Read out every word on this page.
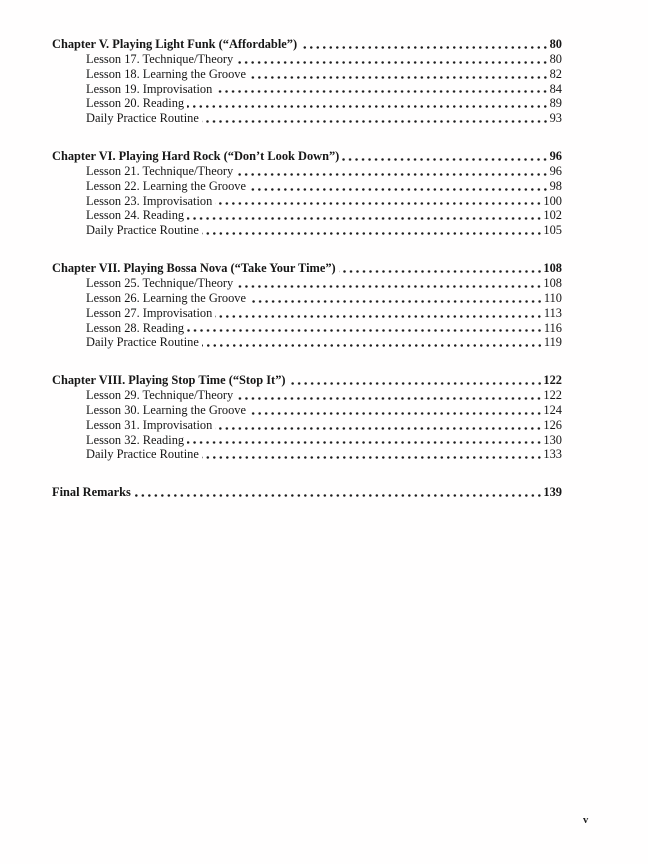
Chapter V. Playing Light Funk (“Affordable”)	80
Lesson 17. Technique/Theory	80
Lesson 18. Learning the Groove	82
Lesson 19. Improvisation	84
Lesson 20. Reading	89
Daily Practice Routine	93
Chapter VI. Playing Hard Rock (“Don’t Look Down”)	96
Lesson 21. Technique/Theory	96
Lesson 22. Learning the Groove	98
Lesson 23. Improvisation	100
Lesson 24. Reading	102
Daily Practice Routine	105
Chapter VII. Playing Bossa Nova (“Take Your Time”)	108
Lesson 25. Technique/Theory	108
Lesson 26. Learning the Groove	110
Lesson 27. Improvisation	113
Lesson 28. Reading	116
Daily Practice Routine	119
Chapter VIII. Playing Stop Time (“Stop It”)	122
Lesson 29. Technique/Theory	122
Lesson 30. Learning the Groove	124
Lesson 31. Improvisation	126
Lesson 32. Reading	130
Daily Practice Routine	133
Final Remarks	139
v
